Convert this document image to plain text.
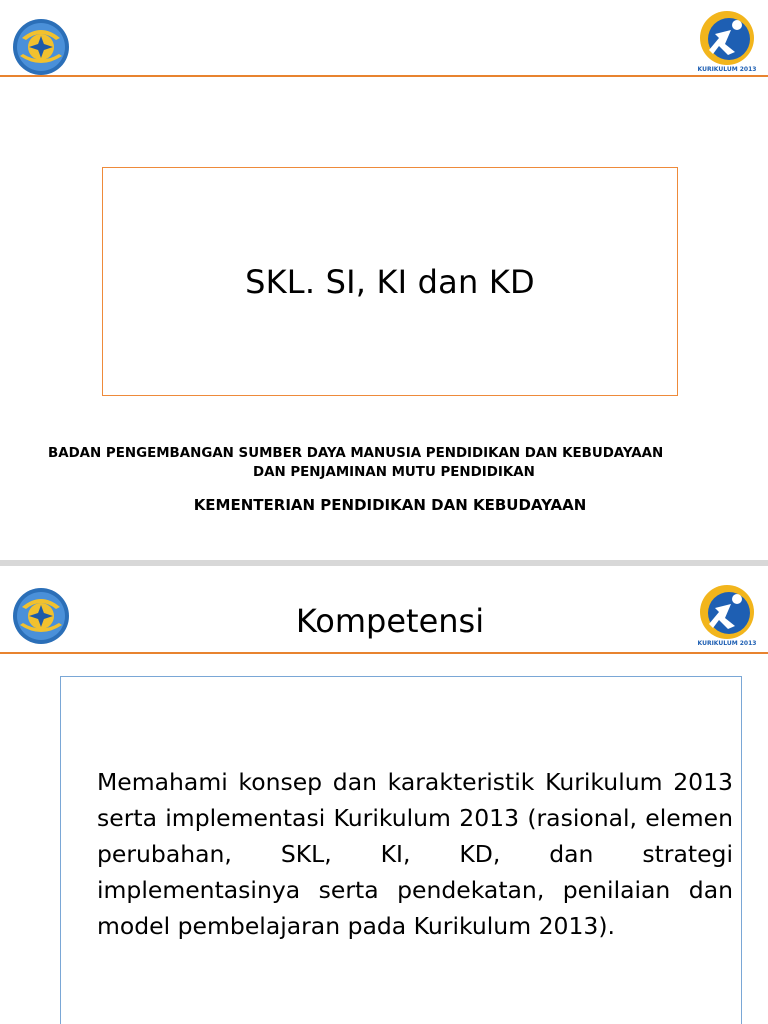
KURIKULUM 2013
SKL. SI, KI dan KD
BADAN PENGEMBANGAN SUMBER DAYA MANUSIA PENDIDIKAN DAN KEBUDAYAAN
DAN PENJAMINAN MUTU PENDIDIKAN
KEMENTERIAN PENDIDIKAN DAN KEBUDAYAAN
KURIKULUM 2013
Kompetensi
Memahami konsep dan karakteristik Kurikulum 2013 serta implementasi Kurikulum 2013 (rasional, elemen perubahan, SKL, KI, KD, dan strategi implementasinya serta pendekatan, penilaian dan model pembelajaran pada Kurikulum 2013).
